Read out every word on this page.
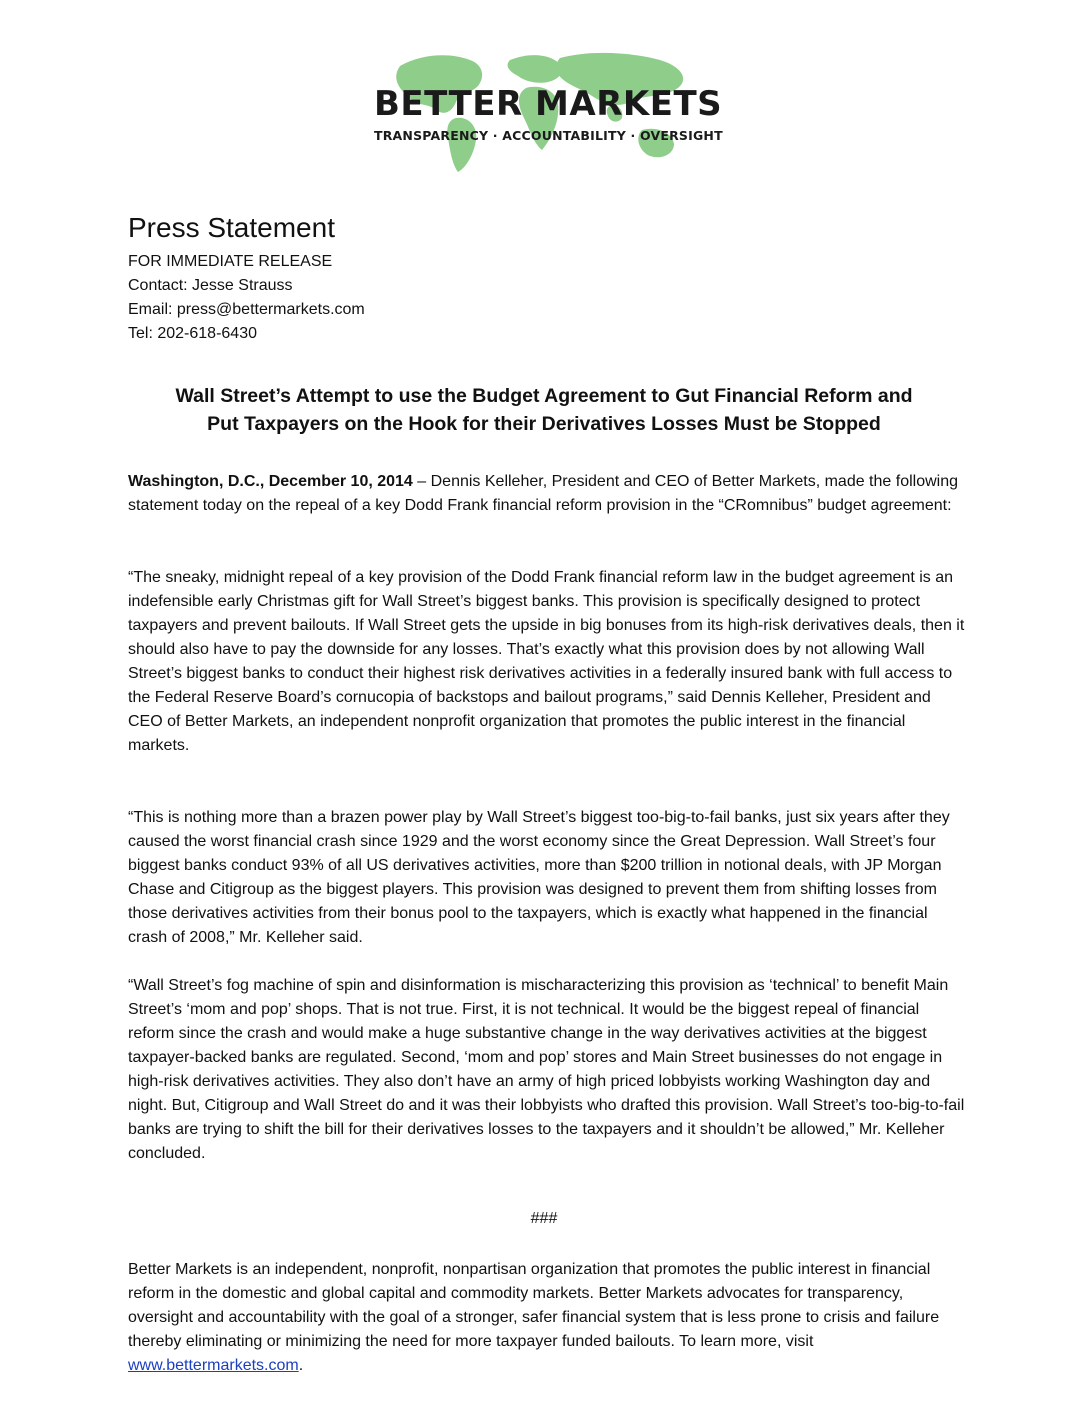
BETTER MARKETS
TRANSPARENCY · ACCOUNTABILITY · OVERSIGHT
Press Statement
FOR IMMEDIATE RELEASE
Contact: Jesse Strauss
Email: press@bettermarkets.com
Tel: 202-618-6430
Wall Street’s Attempt to use the Budget Agreement to Gut Financial Reform and
Put Taxpayers on the Hook for their Derivatives Losses Must be Stopped
Washington, D.C., December 10, 2014 – Dennis Kelleher, President and CEO of Better Markets, made the following statement today on the repeal of a key Dodd Frank financial reform provision in the “CRomnibus” budget agreement:
“The sneaky, midnight repeal of a key provision of the Dodd Frank financial reform law in the budget agreement is an indefensible early Christmas gift for Wall Street’s biggest banks. This provision is specifically designed to protect taxpayers and prevent bailouts. If Wall Street gets the upside in big bonuses from its high-risk derivatives deals, then it should also have to pay the downside for any losses. That’s exactly what this provision does by not allowing Wall Street’s biggest banks to conduct their highest risk derivatives activities in a federally insured bank with full access to the Federal Reserve Board’s cornucopia of backstops and bailout programs,” said Dennis Kelleher, President and CEO of Better Markets, an independent nonprofit organization that promotes the public interest in the financial markets.
“This is nothing more than a brazen power play by Wall Street’s biggest too-big-to-fail banks, just six years after they caused the worst financial crash since 1929 and the worst economy since the Great Depression. Wall Street’s four biggest banks conduct 93% of all US derivatives activities, more than $200 trillion in notional deals, with JP Morgan Chase and Citigroup as the biggest players. This provision was designed to prevent them from shifting losses from those derivatives activities from their bonus pool to the taxpayers, which is exactly what happened in the financial crash of 2008,” Mr. Kelleher said.
“Wall Street’s fog machine of spin and disinformation is mischaracterizing this provision as ‘technical’ to benefit Main Street’s ‘mom and pop’ shops. That is not true. First, it is not technical. It would be the biggest repeal of financial reform since the crash and would make a huge substantive change in the way derivatives activities at the biggest taxpayer-backed banks are regulated. Second, ‘mom and pop’ stores and Main Street businesses do not engage in high-risk derivatives activities. They also don’t have an army of high priced lobbyists working Washington day and night. But, Citigroup and Wall Street do and it was their lobbyists who drafted this provision. Wall Street’s too-big-to-fail banks are trying to shift the bill for their derivatives losses to the taxpayers and it shouldn’t be allowed,” Mr. Kelleher concluded.
###
Better Markets is an independent, nonprofit, nonpartisan organization that promotes the public interest in financial reform in the domestic and global capital and commodity markets. Better Markets advocates for transparency, oversight and accountability with the goal of a stronger, safer financial system that is less prone to crisis and failure thereby eliminating or minimizing the need for more taxpayer funded bailouts. To learn more, visit www.bettermarkets.com.
